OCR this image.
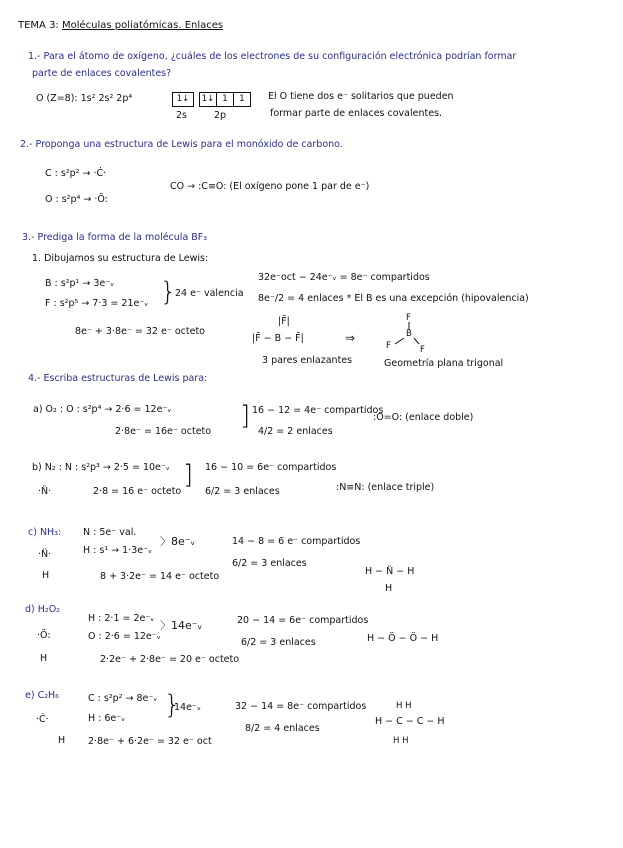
TEMA 3: Moléculas poliatómicas. Enlaces
1.- Para el átomo de oxígeno, ¿cuáles de los electrones de su configuración electrónica podrían formar
parte de enlaces covalentes?
O (Z=8): 1s² 2s² 2p⁴	1↓	1↓ 1	1
2s	2p
El O tiene dos e⁻ solitarios que pueden
formar parte de enlaces covalentes.
2.- Proponga una estructura de Lewis para el monóxido de carbono.
C : s²p² → ·Ċ·
O : s²p⁴ → ·Ö:
CO → :C≡O: (El oxígeno pone 1 par de e⁻)
3.- Prediga la forma de la molécula BF₃
1. Dibujamos su estructura de Lewis:
B : s²p¹ → 3e⁻ᵥ
F : s²p⁵ → 7·3 = 21e⁻ᵥ }
24 e⁻ valencia
8e⁻ + 3·8e⁻ = 32 e⁻ octeto
32e⁻oct − 24e⁻ᵥ = 8e⁻ compartidos
8e⁻/2 = 4 enlaces * El B es una excepción (hipovalencia)
|F̄|
|F̄ − B − F̄|
3 pares enlazantes
⇒
F
B
F	F
Geometría plana trigonal
4.- Escriba estructuras de Lewis para:
a) O₂ : O : s²p⁴ → 2·6 = 12e⁻ᵥ
2·8e⁻ = 16e⁻ octeto
] 16 − 12 = 4e⁻ compartidos
4/2 = 2 enlaces
:O=O: (enlace doble)
b) N₂ : N : s²p³ → 2·5 = 10e⁻ᵥ
·N̈·	2·8 = 16 e⁻ octeto
] 16 − 10 = 6e⁻ compartidos
6/2 = 3 enlaces	:N≡N: (enlace triple)
c) NH₃: N : 5e⁻ val.
H : s¹ → 1·3e⁻ᵥ
〉8e⁻ᵥ
·N̈·
H	8 + 3·2e⁻ = 14 e⁻ octeto
14 − 8 = 6 e⁻ compartidos
6/2 = 3 enlaces
H − N̈ − H
H
d) H₂O₂
H : 2·1 = 2e⁻ᵥ
O : 2·6 = 12e⁻ᵥ
〉14e⁻ᵥ
·Ö:
H	2·2e⁻ + 2·8e⁻ = 20 e⁻ octeto
20 − 14 = 6e⁻ compartidos
6/2 = 3 enlaces	H − Ö − Ö − H
e) C₂H₆	C : s²p² → 8e⁻ᵥ
H : 6e⁻ᵥ }
14e⁻ᵥ
·Ċ·
H 2·8e⁻ + 6·2e⁻ = 32 e⁻ oct
32 − 14 = 8e⁻ compartidos
8/2 = 4 enlaces
H H
H − C − C − H
H H
